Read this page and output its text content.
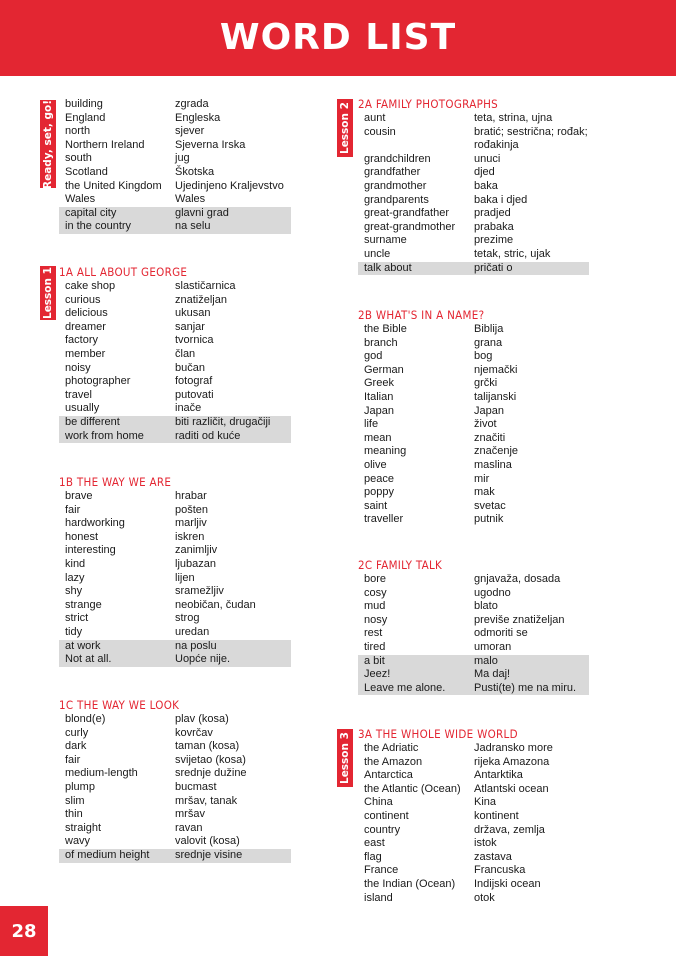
WORD LIST
Ready, set, go!
Lesson 1
Lesson 2
Lesson 3
building	zgrada
England	Engleska
north	sjever
Northern Ireland	Sjeverna Irska
south	jug
Scotland	Škotska
the United Kingdom	Ujedinjeno Kraljevstvo
Wales	Wales
capital city	glavni grad
in the country	na selu
1A ALL ABOUT GEORGE
cake shop	slastičarnica
curious	znatiželjan
delicious	ukusan
dreamer	sanjar
factory	tvornica
member	član
noisy	bučan
photographer	fotograf
travel	putovati
usually	inače
be different	biti različit, drugačiji
work from home	raditi od kuće
1B THE WAY WE ARE
brave	hrabar
fair	pošten
hardworking	marljiv
honest	iskren
interesting	zanimljiv
kind	ljubazan
lazy	lijen
shy	sramežljiv
strange	neobičan, čudan
strict	strog
tidy	uredan
at work	na poslu
Not at all.	Uopće nije.
1C THE WAY WE LOOK
blond(e)	plav (kosa)
curly	kovrčav
dark	taman (kosa)
fair	svijetao (kosa)
medium-length	srednje dužine
plump	bucmast
slim	mršav, tanak
thin	mršav
straight	ravan
wavy	valovit (kosa)
of medium height	srednje visine
2A FAMILY PHOTOGRAPHS
aunt	teta, strina, ujna
cousin	bratić; sestrična; rođak; rođakinja
grandchildren	unuci
grandfather	djed
grandmother	baka
grandparents	baka i djed
great-grandfather	pradjed
great-grandmother	prabaka
surname	prezime
uncle	tetak, stric, ujak
talk about	pričati o
2B WHAT'S IN A NAME?
the Bible	Biblija
branch	grana
god	bog
German	njemački
Greek	grčki
Italian	talijanski
Japan	Japan
life	život
mean	značiti
meaning	značenje
olive	maslina
peace	mir
poppy	mak
saint	svetac
traveller	putnik
2C FAMILY TALK
bore	gnjavaža, dosada
cosy	ugodno
mud	blato
nosy	previše znatiželjan
rest	odmoriti se
tired	umoran
a bit	malo
Jeez!	Ma daj!
Leave me alone.	Pusti(te) me na miru.
3A THE WHOLE WIDE WORLD
the Adriatic	Jadransko more
the Amazon	rijeka Amazona
Antarctica	Antarktika
the Atlantic (Ocean)	Atlantski ocean
China	Kina
continent	kontinent
country	država, zemlja
east	istok
flag	zastava
France	Francuska
the Indian (Ocean)	Indijski ocean
island	otok
28
